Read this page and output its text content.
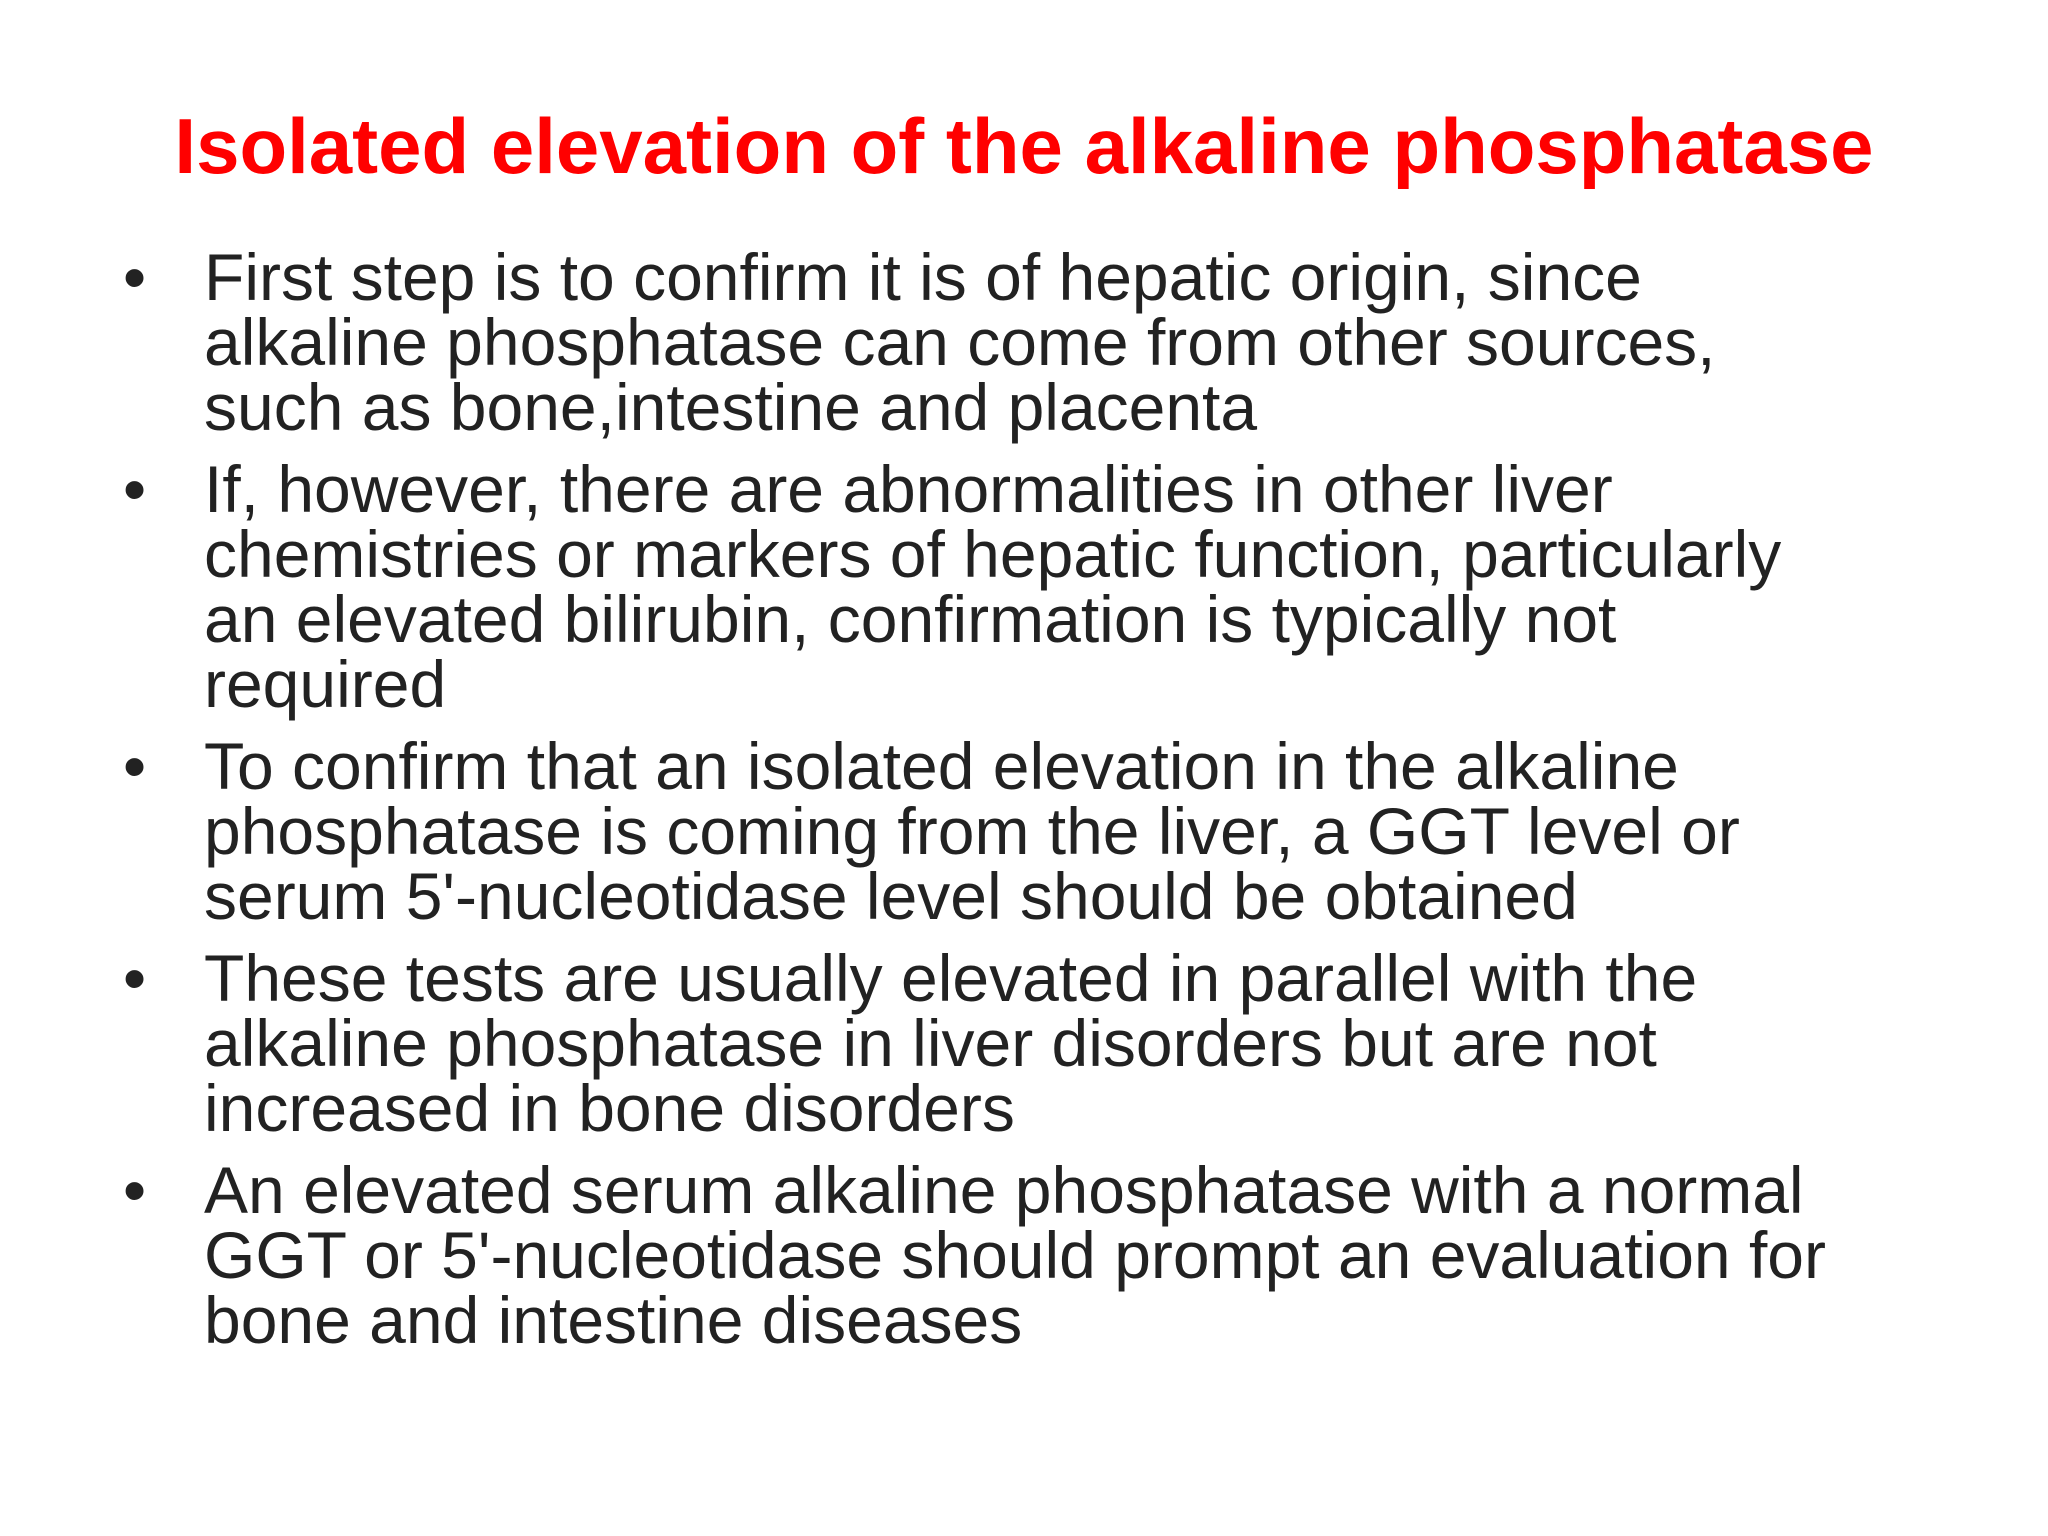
Isolated elevation of the alkaline phosphatase
• First step is to confirm it is of hepatic origin, since
alkaline phosphatase can come from other sources,
such as bone,intestine and placenta
• If, however, there are abnormalities in other liver
chemistries or markers of hepatic function, particularly
an elevated bilirubin, confirmation is typically not
required
• To confirm that an isolated elevation in the alkaline
phosphatase is coming from the liver, a GGT level or
serum 5'-nucleotidase level should be obtained
• These tests are usually elevated in parallel with the
alkaline phosphatase in liver disorders but are not
increased in bone disorders
• An elevated serum alkaline phosphatase with a normal
GGT or 5'-nucleotidase should prompt an evaluation for
bone and intestine diseases
